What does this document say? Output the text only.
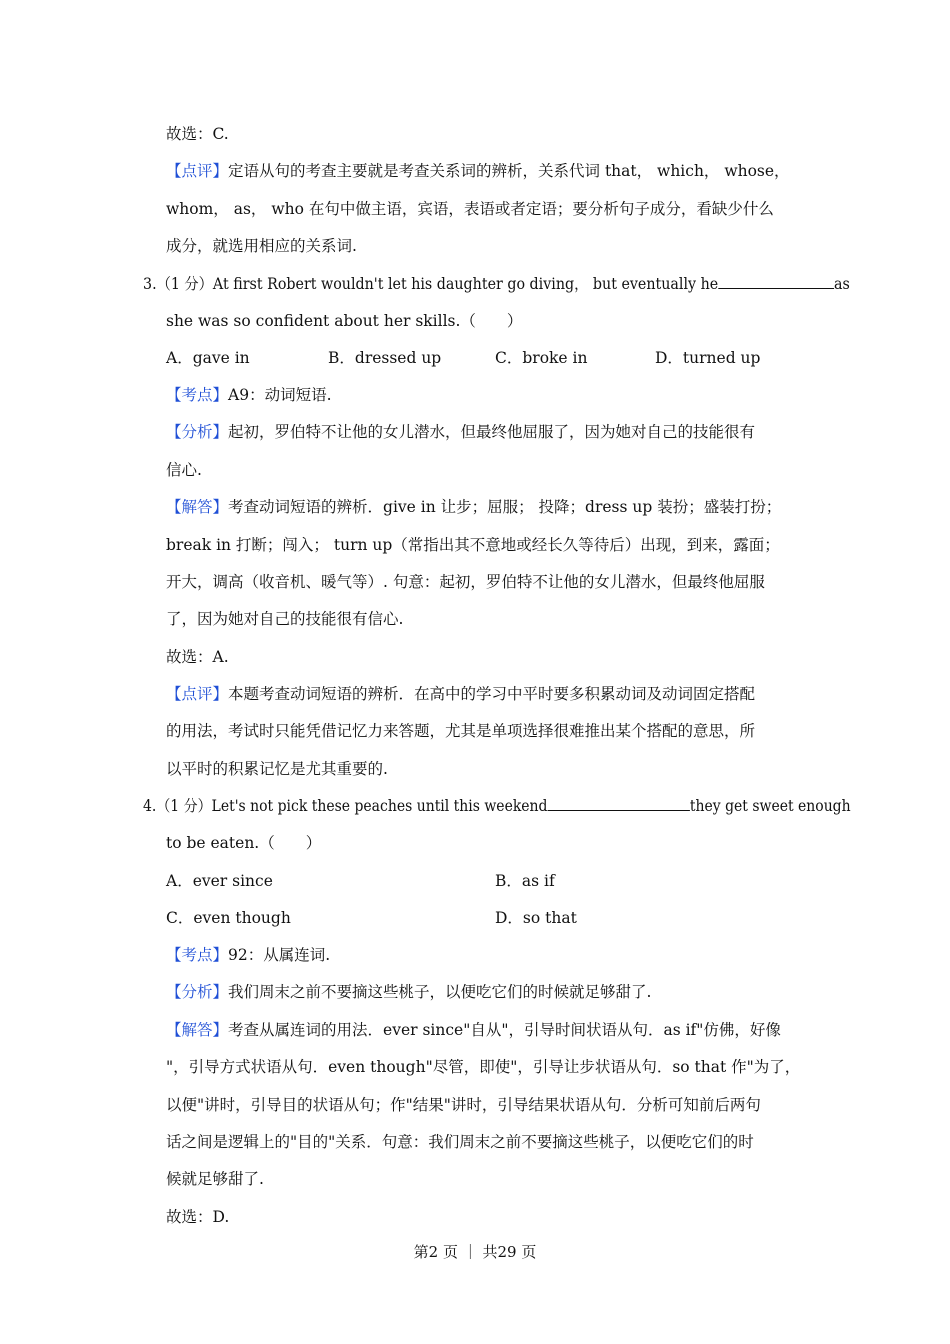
故选：C.
【点评】定语从句的考查主要就是考查关系词的辨析，关系代词 that， which， whose，
whom， as， who 在句中做主语，宾语，表语或者定语；要分析句子成分，看缺少什么
成分，就选用相应的关系词.
3.（1 分）At first Robert wouldn't let his daughter go diving， but eventually he	as
she was so confident about her skills.（　　）
A．gave in	B．dressed up	C．broke in	D．turned up
【考点】A9：动词短语.
【分析】起初，罗伯特不让他的女儿潜水，但最终他屈服了，因为她对自己的技能很有
信心.
【解答】考查动词短语的辨析．give in 让步；屈服； 投降；dress up 装扮；盛装打扮；
break in 打断；闯入； turn up（常指出其不意地或经长久等待后）出现，到来，露面；
开大，调高（收音机、暖气等）. 句意：起初，罗伯特不让他的女儿潜水，但最终他屈服
了，因为她对自己的技能很有信心.
故选：A.
【点评】本题考查动词短语的辨析．在高中的学习中平时要多积累动词及动词固定搭配
的用法，考试时只能凭借记忆力来答题，尤其是单项选择很难推出某个搭配的意思，所
以平时的积累记忆是尤其重要的.
4.（1 分）Let's not pick these peaches until this weekend	they get sweet enough
to be eaten.（　　）
A．ever since	B．as if
C．even though	D．so that
【考点】92：从属连词.
【分析】我们周末之前不要摘这些桃子，以便吃它们的时候就足够甜了.
【解答】考查从属连词的用法．ever since"自从"，引导时间状语从句．as if"仿佛，好像
"，引导方式状语从句．even though"尽管，即使"，引导让步状语从句．so that 作"为了，
以便"讲时，引导目的状语从句；作"结果"讲时，引导结果状语从句．分析可知前后两句
话之间是逻辑上的"目的"关系．句意：我们周末之前不要摘这些桃子，以便吃它们的时
候就足够甜了.
故选：D.
第2 页 ｜ 共29 页
